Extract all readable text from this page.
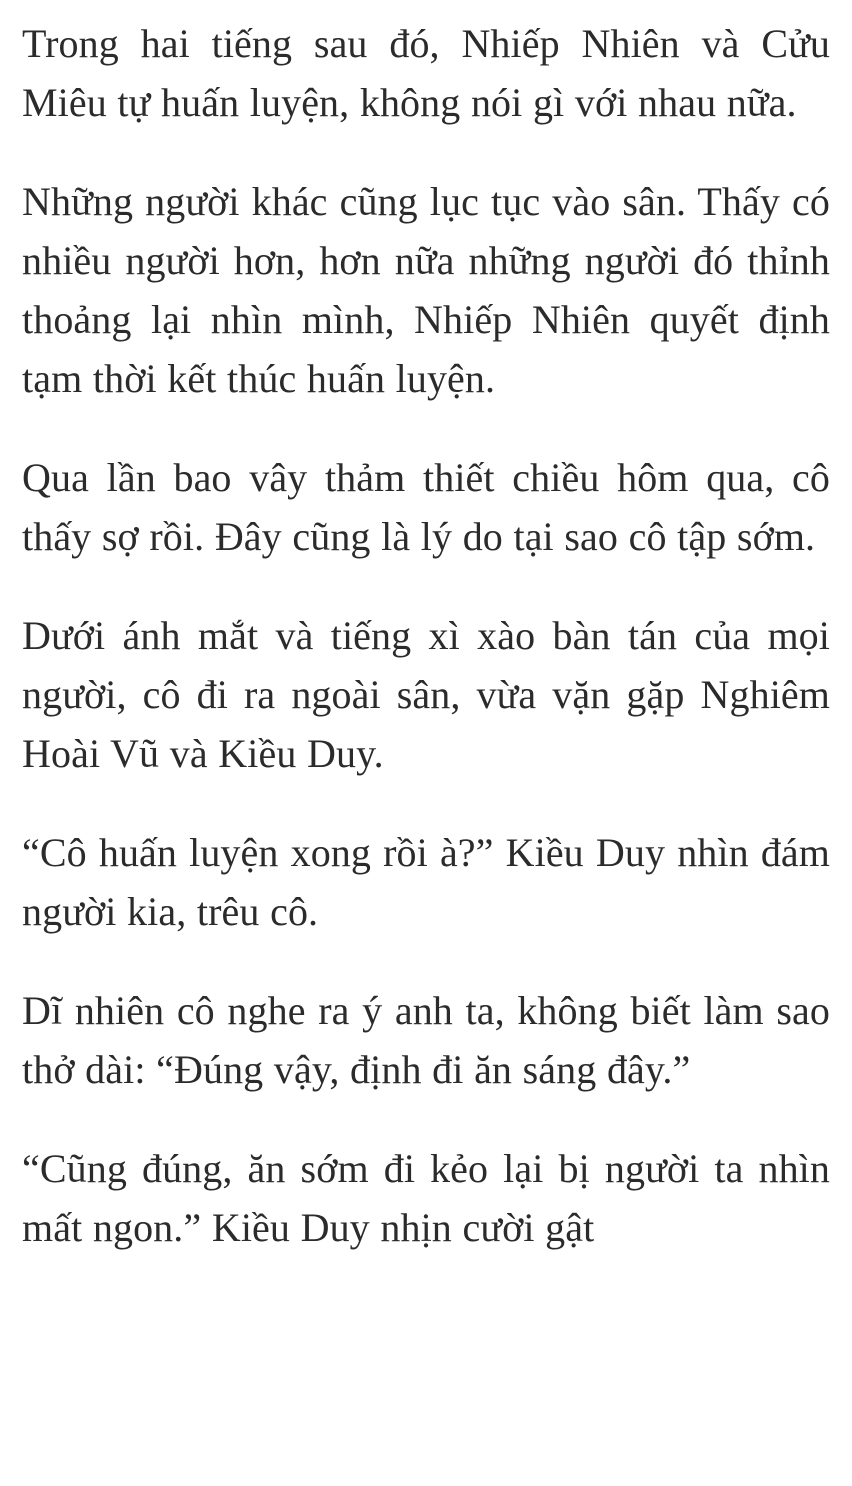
Trong hai tiếng sau đó, Nhiếp Nhiên và Cửu Miêu tự huấn luyện, không nói gì với nhau nữa.

Những người khác cũng lục tục vào sân. Thấy có nhiều người hơn, hơn nữa những người đó thỉnh thoảng lại nhìn mình, Nhiếp Nhiên quyết định tạm thời kết thúc huấn luyện.

Qua lần bao vây thảm thiết chiều hôm qua, cô thấy sợ rồi. Đây cũng là lý do tại sao cô tập sớm.

Dưới ánh mắt và tiếng xì xào bàn tán của mọi người, cô đi ra ngoài sân, vừa vặn gặp Nghiêm Hoài Vũ và Kiều Duy.

“Cô huấn luyện xong rồi à?” Kiều Duy nhìn đám người kia, trêu cô.

Dĩ nhiên cô nghe ra ý anh ta, không biết làm sao thở dài: “Đúng vậy, định đi ăn sáng đây.”

“Cũng đúng, ăn sớm đi kẻo lại bị người ta nhìn mất ngon.” Kiều Duy nhịn cười gật
